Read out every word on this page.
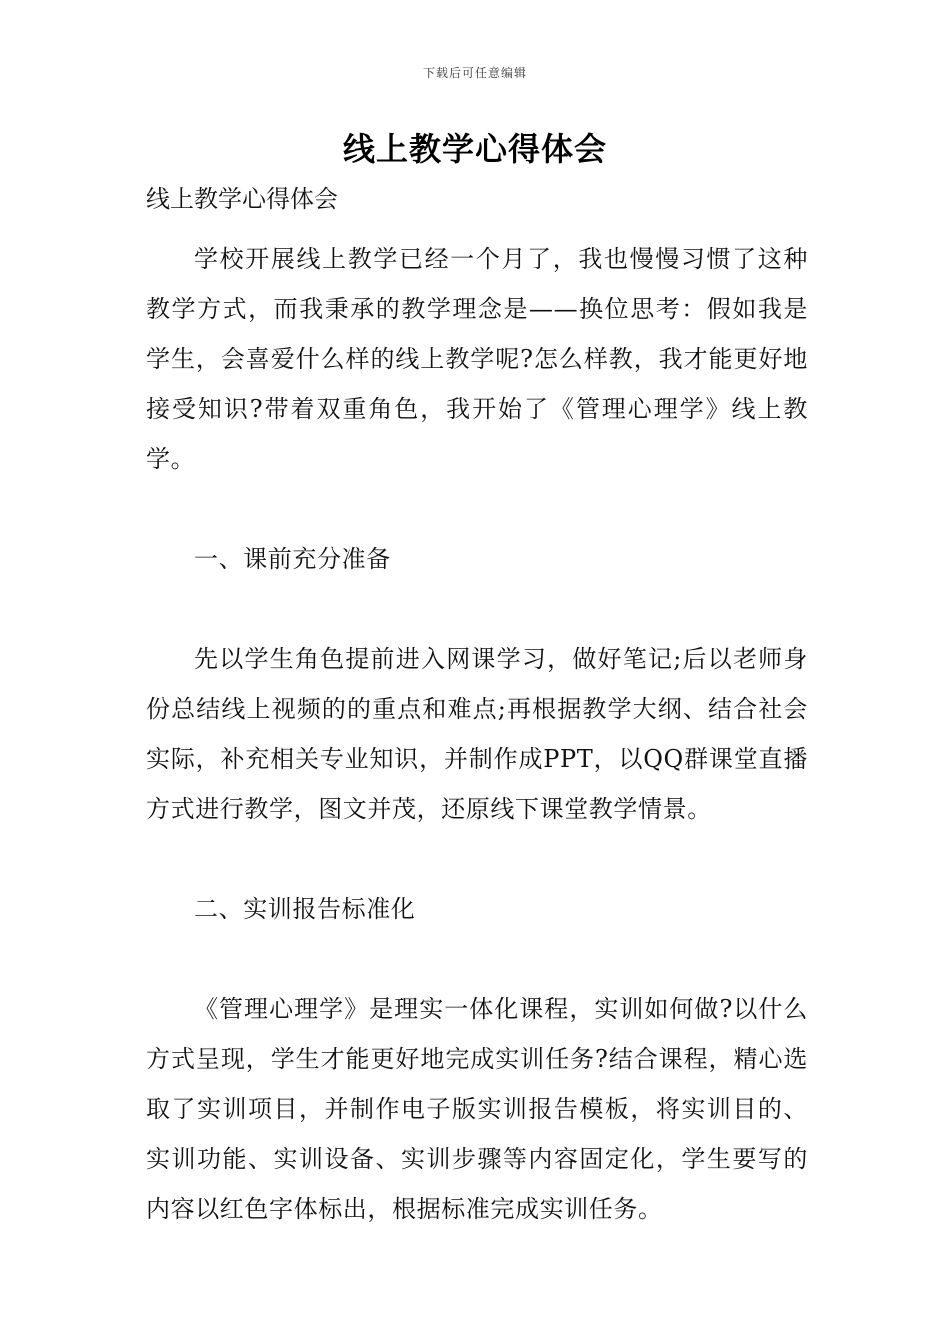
下载后可任意编辑
线上教学心得体会

线上教学心得体会

学校开展线上教学已经一个月了，我也慢慢习惯了这种教学方式，而我秉承的教学理念是——换位思考：假如我是学生，会喜爱什么样的线上教学呢?怎么样教，我才能更好地接受知识?带着双重角色，我开始了《管理心理学》线上教学。

一、课前充分准备

先以学生角色提前进入网课学习，做好笔记;后以老师身份总结线上视频的的重点和难点;再根据教学大纲、结合社会实际，补充相关专业知识，并制作成PPT，以QQ群课堂直播方式进行教学，图文并茂，还原线下课堂教学情景。

二、实训报告标准化

《管理心理学》是理实一体化课程，实训如何做?以什么方式呈现，学生才能更好地完成实训任务?结合课程，精心选取了实训项目，并制作电子版实训报告模板，将实训目的、实训功能、实训设备、实训步骤等内容固定化，学生要写的内容以红色字体标出，根据标准完成实训任务。
